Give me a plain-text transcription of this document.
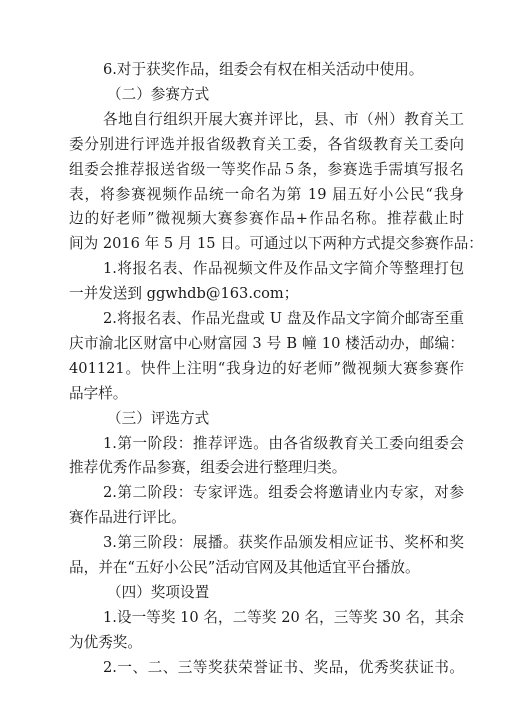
6.对于获奖作品，组委会有权在相关活动中使用。
（二）参赛方式
各地自行组织开展大赛并评比，县、市（州）教育关工
委分别进行评选并报省级教育关工委，各省级教育关工委向
组委会推荐报送省级一等奖作品５条，参赛选手需填写报名
表，将参赛视频作品统一命名为第 19 届五好小公民“我身
边的好老师”微视频大赛参赛作品+作品名称。推荐截止时
间为 2016 年 5 月 15 日。可通过以下两种方式提交参赛作品：
1.将报名表、作品视频文件及作品文字简介等整理打包
一并发送到 ggwhdb@163.com；
2.将报名表、作品光盘或 U 盘及作品文字简介邮寄至重
庆市渝北区财富中心财富园 3 号 B 幢 10 楼活动办，邮编：
401121。快件上注明“我身边的好老师”微视频大赛参赛作
品字样。
（三）评选方式
1.第一阶段：推荐评选。由各省级教育关工委向组委会
推荐优秀作品参赛，组委会进行整理归类。
2.第二阶段：专家评选。组委会将邀请业内专家，对参
赛作品进行评比。
3.第三阶段：展播。获奖作品颁发相应证书、奖杯和奖
品，并在“五好小公民”活动官网及其他适宜平台播放。
（四）奖项设置
为优秀奖。
2.一、二、三等奖获荣誉证书、奖品，优秀奖获证书。
1.设一等奖 10 名，二等奖 20 名，三等奖 30 名，其余
